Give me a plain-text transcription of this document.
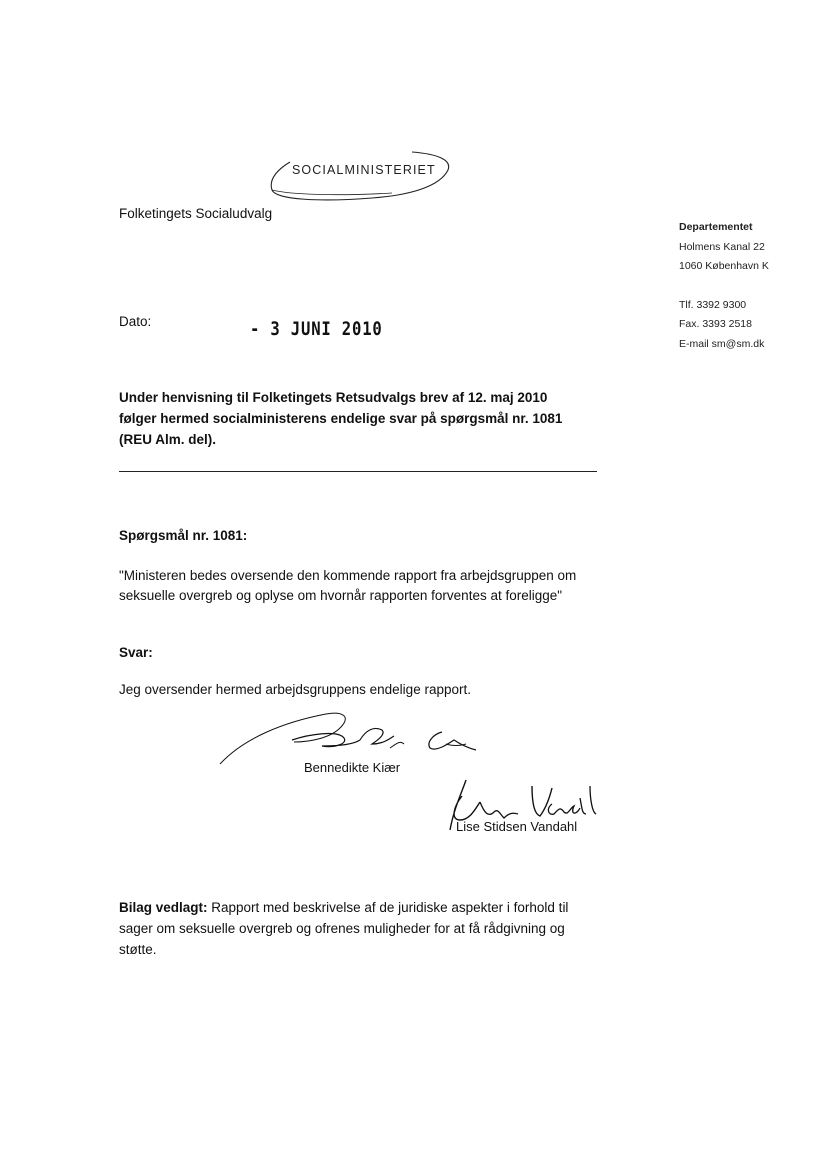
SOCIALMINISTERIET
Folketingets Socialudvalg
Departementet
Holmens Kanal 22
1060 København K
Tlf. 3392 9300
Fax. 3393 2518
E-mail sm@sm.dk
Dato:	- 3 JUNI 2010
Under henvisning til Folketingets Retsudvalgs brev af 12. maj 2010
følger hermed socialministerens endelige svar på spørgsmål nr. 1081
(REU Alm. del).
Spørgsmål nr. 1081:
"Ministeren bedes oversende den kommende rapport fra arbejdsgruppen om
seksuelle overgreb og oplyse om hvornår rapporten forventes at foreligge"
Svar:
Jeg oversender hermed arbejdsgruppens endelige rapport.
Bennedikte Kiær
Lise Stidsen Vandahl
Bilag vedlagt: Rapport med beskrivelse af de juridiske aspekter i forhold til
sager om seksuelle overgreb og ofrenes muligheder for at få rådgivning og
støtte.
